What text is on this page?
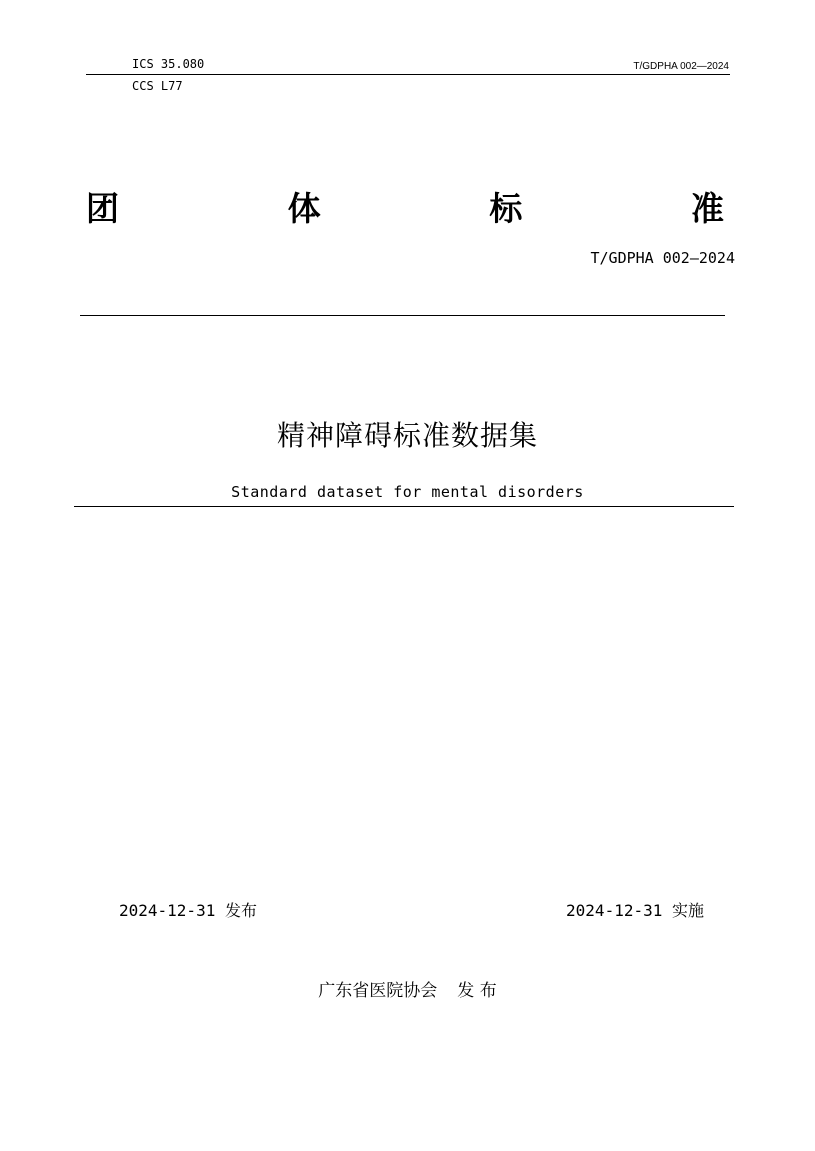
ICS 35.080
CCS L77
T/GDPHA 002—2024
团	体	标	准
T/GDPHA 002—2024
精神障碍标准数据集
Standard dataset for mental disorders
2024-12-31 发布	2024-12-31 实施
广东省医院协会 发 布
